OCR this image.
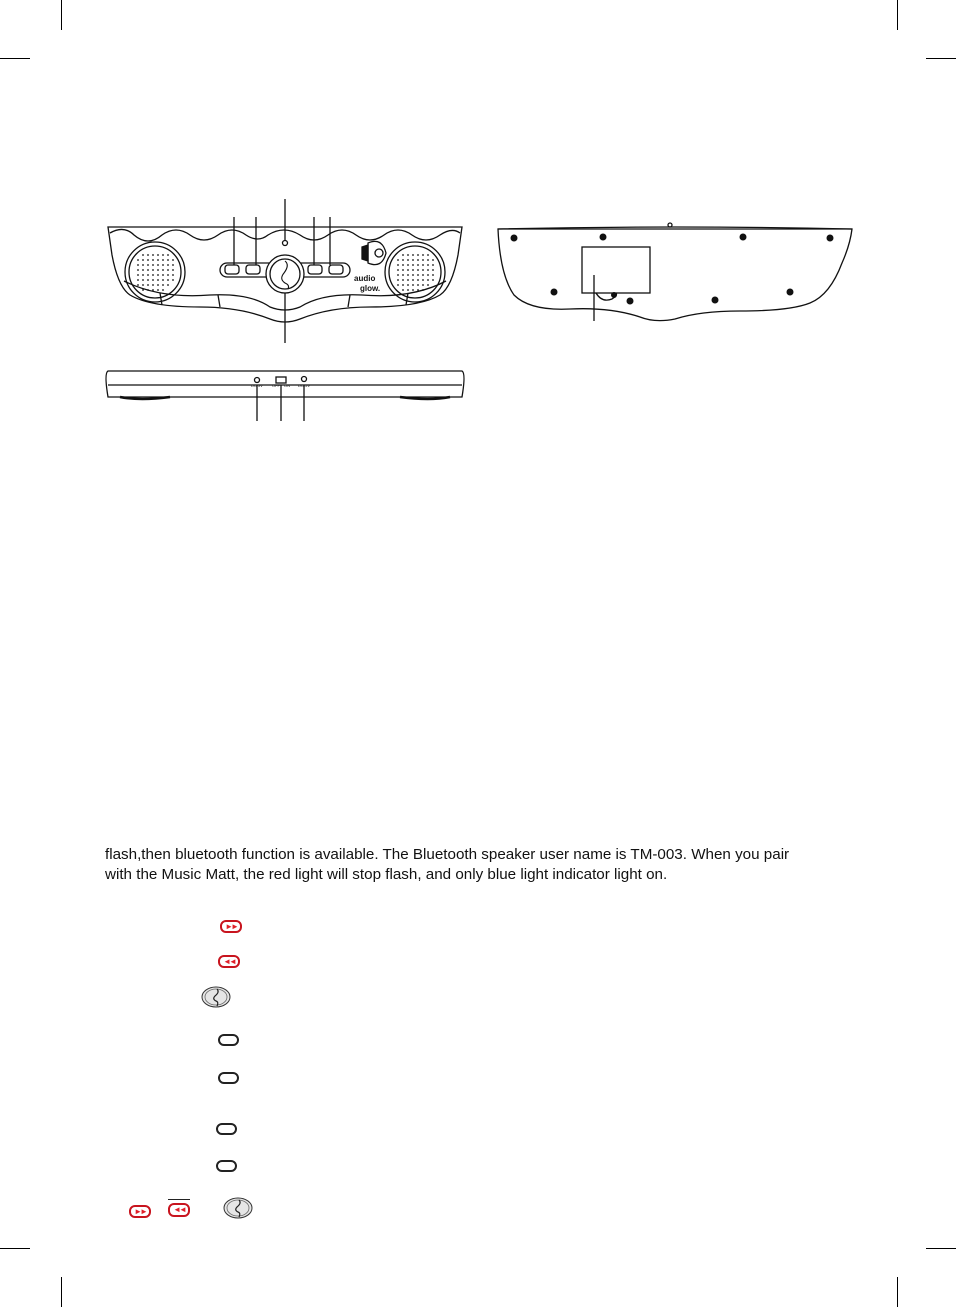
audio
glow.
DC 5V OFF ON DC-5V

flash,then bluetooth function is available. The Bluetooth speaker user name is TM-003. When you pair

with the Music Matt, the red light will stop flash, and only blue light indicator light on.

►►
◄◄
►►	◄◄
